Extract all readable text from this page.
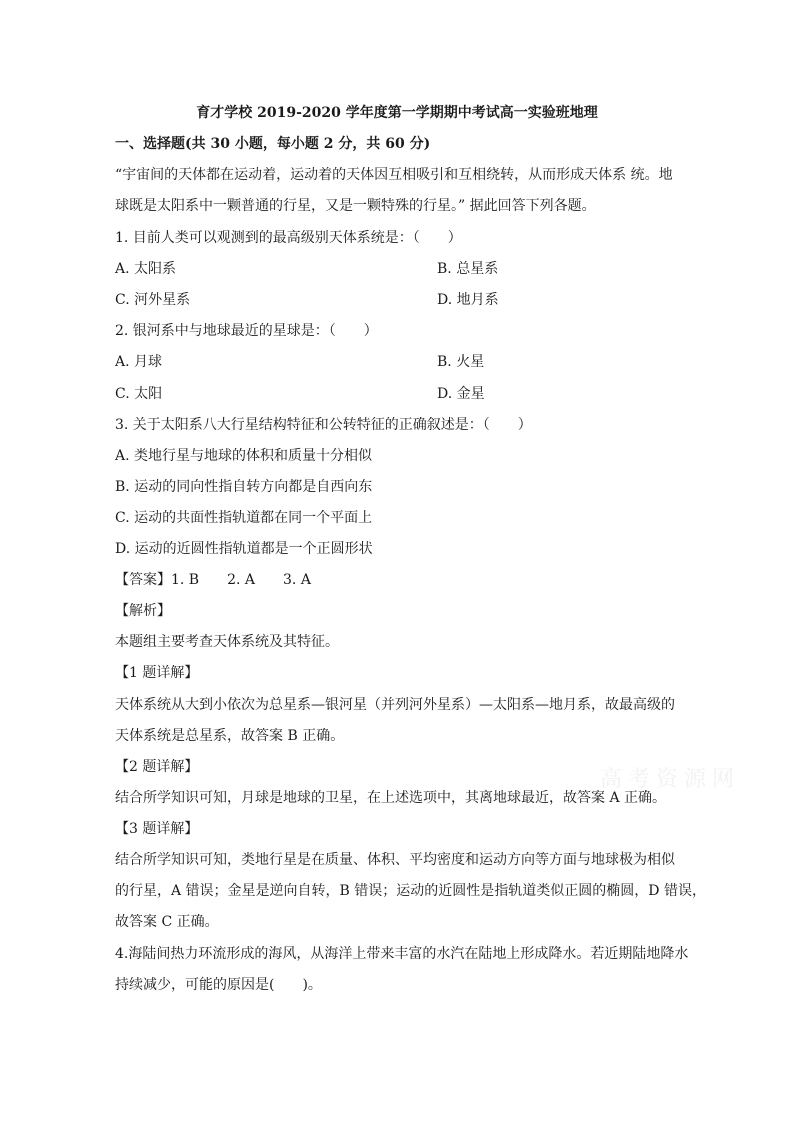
育才学校 2019-2020 学年度第一学期期中考试高一实验班地理
一、选择题(共 30 小题，每小题 2 分，共 60 分)
“宇宙间的天体都在运动着，运动着的天体因互相吸引和互相绕转，从而形成天体系 统。地
球既是太阳系中一颗普通的行星，又是一颗特殊的行星。” 据此回答下列各题。
1. 目前人类可以观测到的最高级别天体系统是：（　　）
A. 太阳系	B. 总星系
C. 河外星系	D. 地月系
2. 银河系中与地球最近的星球是：（　　）
A. 月球	B. 火星
C. 太阳	D. 金星
3. 关于太阳系八大行星结构特征和公转特征的正确叙述是：（　　）
A. 类地行星与地球的体积和质量十分相似
B. 运动的同向性指自转方向都是自西向东
C. 运动的共面性指轨道都在同一个平面上
D. 运动的近圆性指轨道都是一个正圆形状
【答案】1. B　　2. A　　3. A
【解析】
本题组主要考查天体系统及其特征。
【1 题详解】
天体系统从大到小依次为总星系—银河星（并列河外星系）—太阳系—地月系，故最高级的
天体系统是总星系，故答案 B 正确。
【2 题详解】
结合所学知识可知，月球是地球的卫星，在上述选项中，其离地球最近，故答案 A 正确。
【3 题详解】
结合所学知识可知，类地行星是在质量、体积、平均密度和运动方向等方面与地球极为相似
的行星，A 错误；金星是逆向自转，B 错误；运动的近圆性是指轨道类似正圆的椭圆，D 错误，
故答案 C 正确。
4.海陆间热力环流形成的海风，从海洋上带来丰富的水汽在陆地上形成降水。若近期陆地降水
持续减少，可能的原因是(　　)。
高考资源网
